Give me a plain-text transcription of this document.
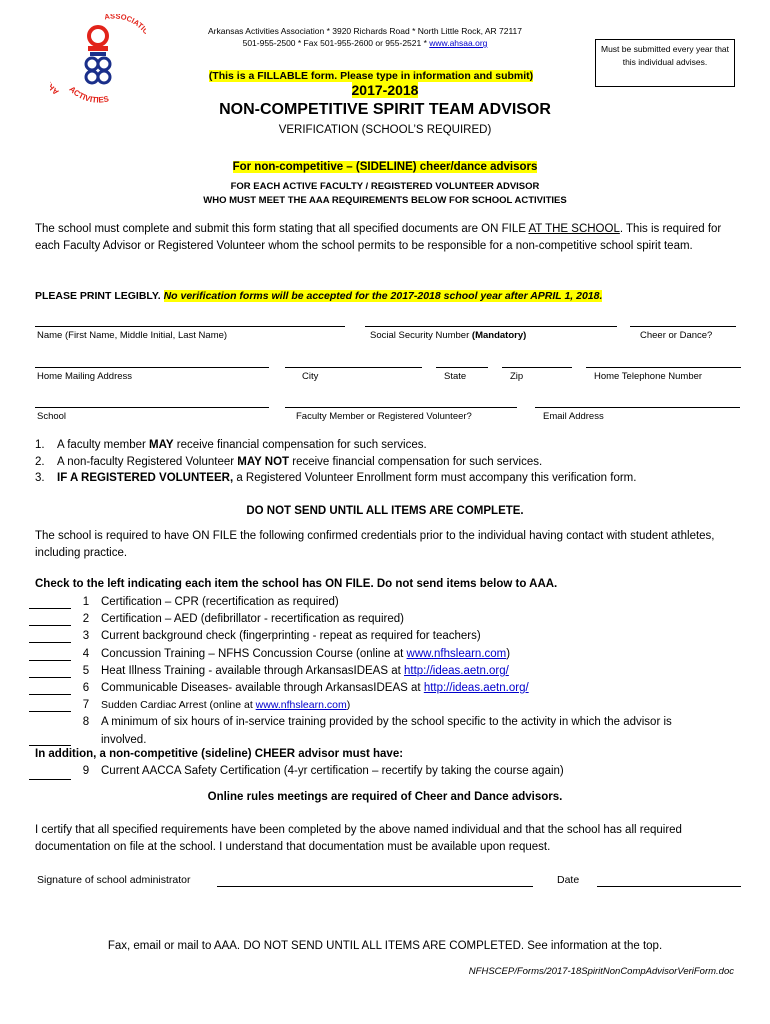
A ACTIVITIES
ASSOCIAT
Arkansas Activities Association * 3920 Richards Road * North Little Rock, AR 72117
501-955-2500 * Fax 501-955-2600 or 955-2521 * www.ahsaa.org
Must be submitted every year that this individual advises.
(This is a FILLABLE form. Please type in information and submit)
2017-2018
NON-COMPETITIVE SPIRIT TEAM ADVISOR
VERIFICATION (SCHOOL’S REQUIRED)
For non-competitive – (SIDELINE) cheer/dance advisors
FOR EACH ACTIVE FACULTY / REGISTERED VOLUNTEER ADVISOR
WHO MUST MEET THE AAA REQUIREMENTS BELOW FOR SCHOOL ACTIVITIES
The school must complete and submit this form stating that all specified documents are ON FILE AT THE SCHOOL. This is required for each Faculty Advisor or Registered Volunteer whom the school permits to be responsible for a non-competitive school spirit team.
PLEASE PRINT LEGIBLY. No verification forms will be accepted for the 2017-2018 school year after APRIL 1, 2018.
Name (First Name, Middle Initial, Last Name)	Social Security Number (Mandatory)	Cheer or Dance?
Home Mailing Address	City	State	Zip	Home Telephone Number
School	Faculty Member or Registered Volunteer?	Email Address
1. A faculty member MAY receive financial compensation for such services.
2. A non-faculty Registered Volunteer MAY NOT receive financial compensation for such services.
3. IF A REGISTERED VOLUNTEER, a Registered Volunteer Enrollment form must accompany this verification form.
DO NOT SEND UNTIL ALL ITEMS ARE COMPLETE.
The school is required to have ON FILE the following confirmed credentials prior to the individual having contact with student athletes, including practice.
Check to the left indicating each item the school has ON FILE. Do not send items below to AAA.
1	Certification – CPR (recertification as required)
2	Certification – AED (defibrillator - recertification as required)
3	Current background check (fingerprinting - repeat as required for teachers)
4	Concussion Training – NFHS Concussion Course (online at www.nfhslearn.com)
5	Heat Illness Training - available through ArkansasIDEAS at http://ideas.aetn.org/
6	Communicable Diseases- available through ArkansasIDEAS at http://ideas.aetn.org/
7	Sudden Cardiac Arrest (online at www.nfhslearn.com)
8	A minimum of six hours of in-service training provided by the school specific to the activity in which the advisor is involved.
In addition, a non-competitive (sideline) CHEER advisor must have:
9	Current AACCA Safety Certification (4-yr certification – recertify by taking the course again)
Online rules meetings are required of Cheer and Dance advisors.
I certify that all specified requirements have been completed by the above named individual and that the school has all required documentation on file at the school. I understand that documentation must be available upon request.
Signature of school administrator	Date
Fax, email or mail to AAA. DO NOT SEND UNTIL ALL ITEMS ARE COMPLETED. See information at the top.
NFHSCEP/Forms/2017-18SpiritNonCompAdvisorVeriForm.doc
